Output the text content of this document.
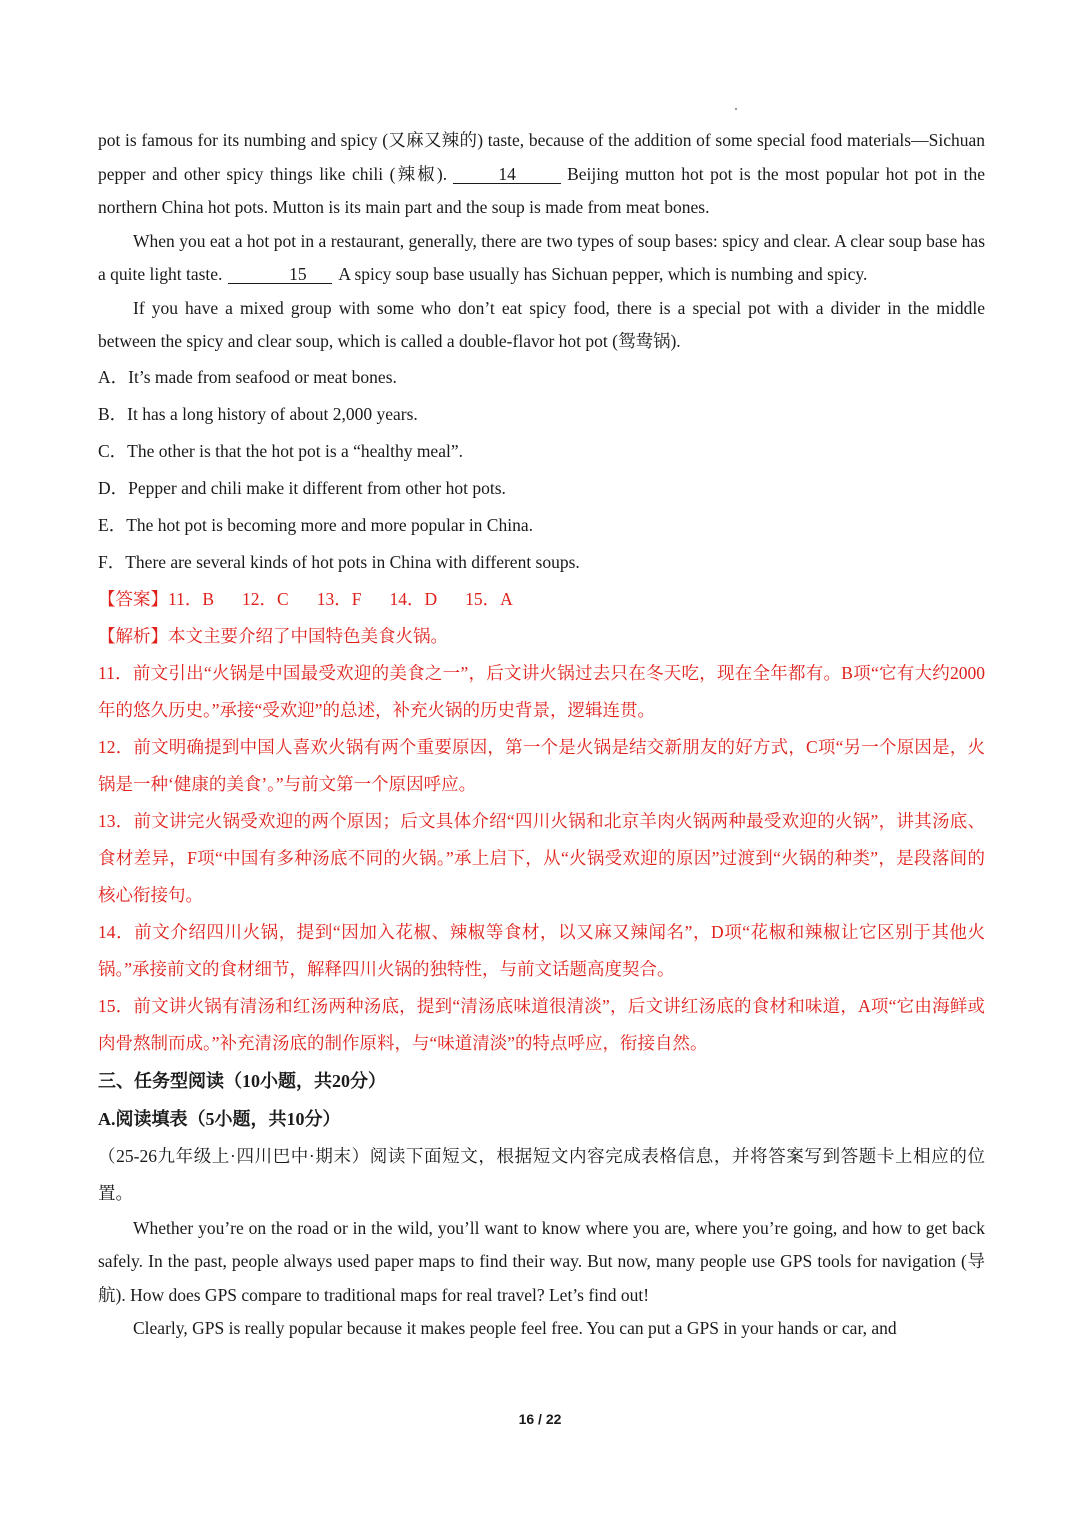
pot is famous for its numbing and spicy (又麻又辣的) taste, because of the addition of some special food materials—Sichuan pepper and other spicy things like chili (辣椒).	14	Beijing mutton hot pot is the most popular hot pot in the northern China hot pots. Mutton is its main part and the soup is made from meat bones.

When you eat a hot pot in a restaurant, generally, there are two types of soup bases: spicy and clear. A clear soup base has a quite light taste.	15 A spicy soup base usually has Sichuan pepper, which is numbing and spicy.

If you have a mixed group with some who don’t eat spicy food, there is a special pot with a divider in the middle between the spicy and clear soup, which is called a double-flavor hot pot (鸳鸯锅).

A．It’s made from seafood or meat bones.

B．It has a long history of about 2,000 years.

C．The other is that the hot pot is a “healthy meal”.

D．Pepper and chili make it different from other hot pots.

E．The hot pot is becoming more and more popular in China.

F．There are several kinds of hot pots in China with different soups.

【答案】11．B 12．C 13．F 14．D 15．A

【解析】本文主要介绍了中国特色美食火锅。

11．前文引出“火锅是中国最受欢迎的美食之一”，后文讲火锅过去只在冬天吃，现在全年都有。B项“它有大约2000年的悠久历史。”承接“受欢迎”的总述，补充火锅的历史背景，逻辑连贯。

12．前文明确提到中国人喜欢火锅有两个重要原因，第一个是火锅是结交新朋友的好方式，C项“另一个原因是，火锅是一种‘健康的美食’。”与前文第一个原因呼应。

13．前文讲完火锅受欢迎的两个原因；后文具体介绍“四川火锅和北京羊肉火锅两种最受欢迎的火锅”，讲其汤底、食材差异，F项“中国有多种汤底不同的火锅。”承上启下，从“火锅受欢迎的原因”过渡到“火锅的种类”，是段落间的核心衔接句。

14．前文介绍四川火锅，提到“因加入花椒、辣椒等食材，以又麻又辣闻名”，D项“花椒和辣椒让它区别于其他火锅。”承接前文的食材细节，解释四川火锅的独特性，与前文话题高度契合。

15．前文讲火锅有清汤和红汤两种汤底，提到“清汤底味道很清淡”，后文讲红汤底的食材和味道，A项“它由海鲜或肉骨熬制而成。”补充清汤底的制作原料，与“味道清淡”的特点呼应，衔接自然。

三、任务型阅读（10小题，共20分）

A.阅读填表（5小题，共10分）

（25-26九年级上·四川巴中·期末）阅读下面短文，根据短文内容完成表格信息，并将答案写到答题卡上相应的位置。

Whether you’re on the road or in the wild, you’ll want to know where you are, where you’re going, and how to get back safely. In the past, people always used paper maps to find their way. But now, many people use GPS tools for navigation (导航). How does GPS compare to traditional maps for real travel? Let’s find out!

Clearly, GPS is really popular because it makes people feel free. You can put a GPS in your hands or car, and

16 / 22
